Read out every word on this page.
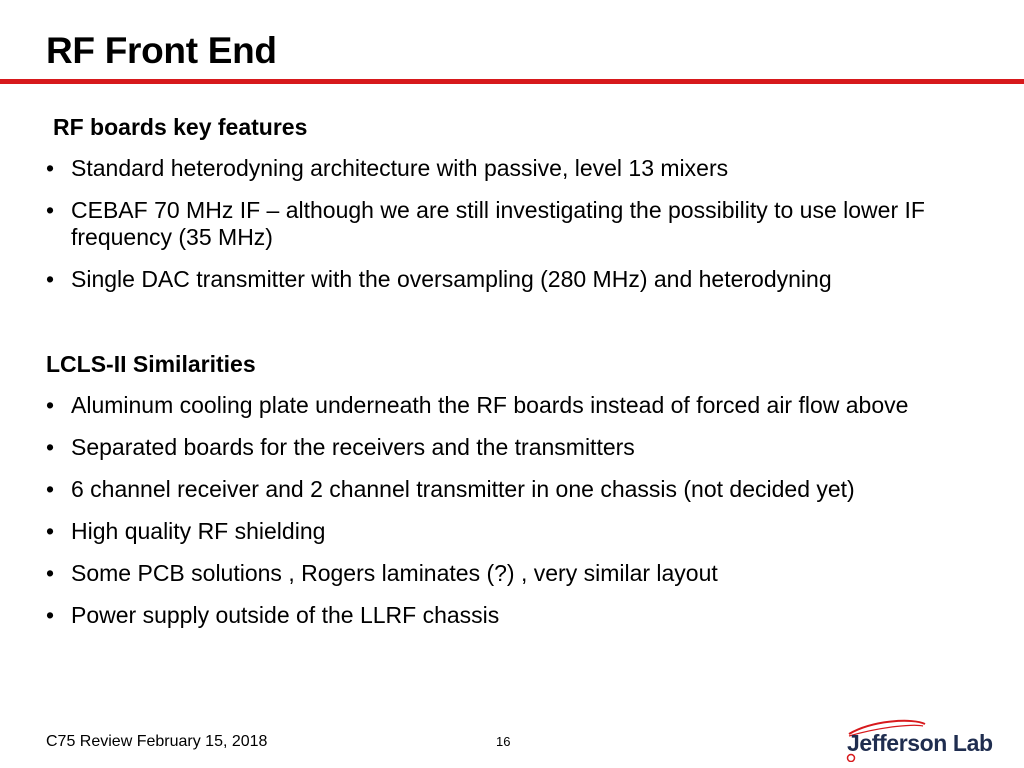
RF Front End
RF boards key features
• Standard heterodyning architecture with passive, level 13 mixers
• CEBAF 70 MHz IF – although we are still investigating the possibility to use lower IF frequency (35 MHz)
• Single DAC transmitter with the oversampling (280 MHz) and heterodyning
LCLS-II Similarities
• Aluminum cooling plate underneath the RF boards instead of forced air flow above
• Separated boards for the receivers and the transmitters
• 6 channel receiver and 2 channel transmitter in one chassis (not decided yet)
• High quality RF shielding
• Some PCB solutions , Rogers laminates (?) , very similar layout
• Power supply outside of the LLRF chassis
C75 Review February 15, 2018	16	Jefferson Lab
